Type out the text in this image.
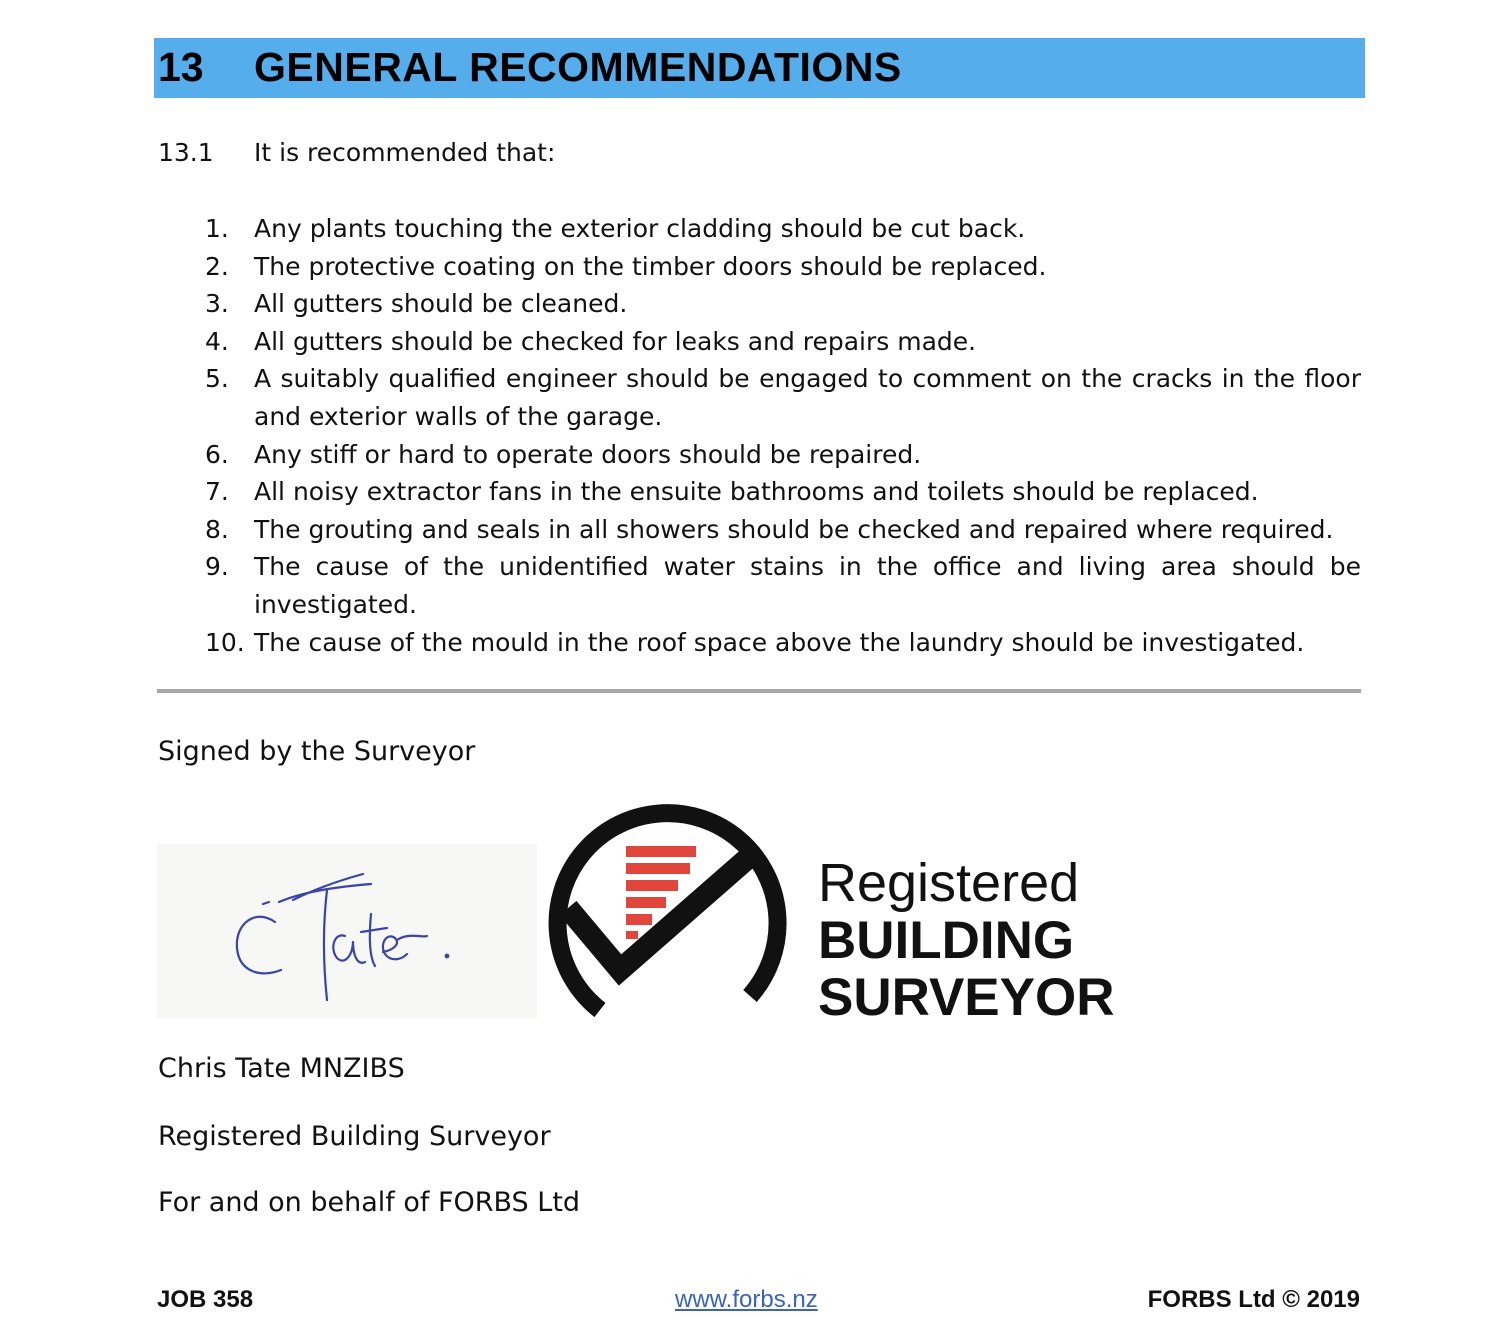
13 GENERAL RECOMMENDATIONS
13.1 It is recommended that:
1. Any plants touching the exterior cladding should be cut back.
2. The protective coating on the timber doors should be replaced.
3. All gutters should be cleaned.
4. All gutters should be checked for leaks and repairs made.
5. A suitably qualified engineer should be engaged to comment on the cracks in the floor and exterior walls of the garage.
6. Any stiff or hard to operate doors should be repaired.
7. All noisy extractor fans in the ensuite bathrooms and toilets should be replaced.
8. The grouting and seals in all showers should be checked and repaired where required.
9. The cause of the unidentified water stains in the office and living area should be investigated.
10. The cause of the mould in the roof space above the laundry should be investigated.
Signed by the Surveyor
Registered
BUILDING
SURVEYOR
Chris Tate MNZIBS
Registered Building Surveyor
For and on behalf of FORBS Ltd
JOB 358	www.forbs.nz	FORBS Ltd © 2019
